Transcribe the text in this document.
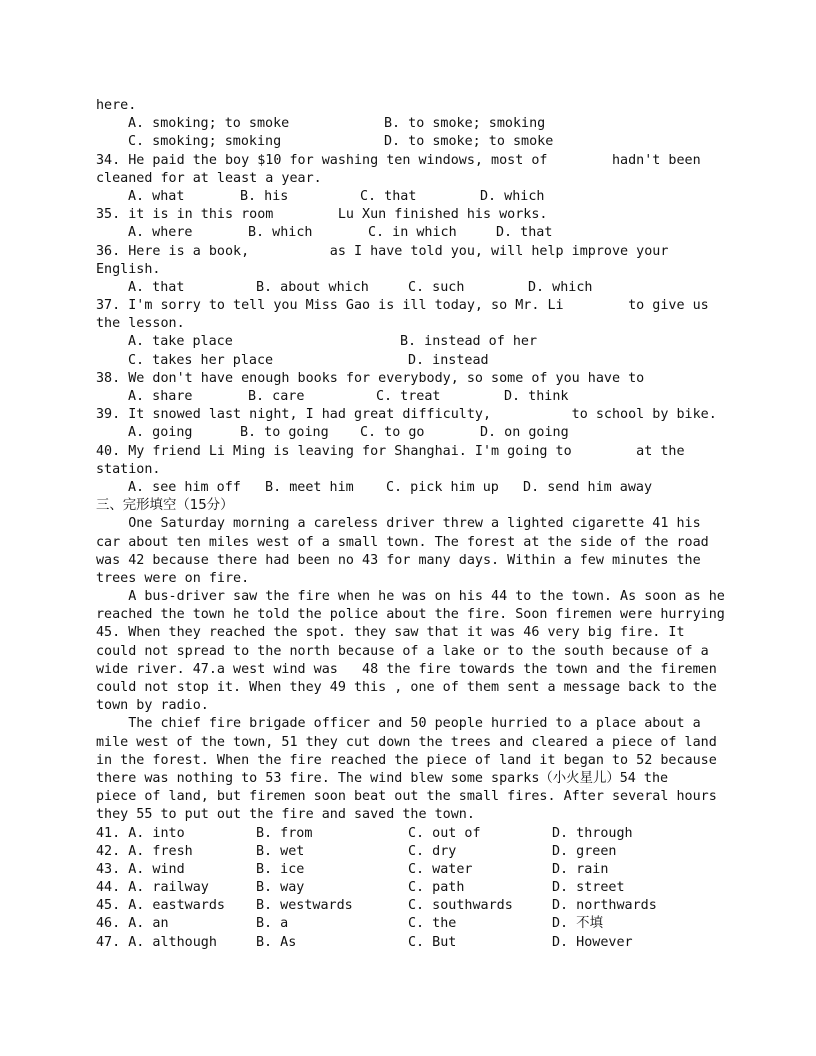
here.
A. smoking; to smoke	B. to smoke; smoking
C. smoking; smoking	D. to smoke; to smoke
34. He paid the boy $10 for washing ten windows, most of        hadn't been
cleaned for at least a year.
A. what	B. his	C. that	D. which
35. it is in this room        Lu Xun finished his works.
A. where	B. which	C. in which	D. that
36. Here is a book,          as I have told you, will help improve your
English.
A. that	B. about which	C. such	D. which
37. I'm sorry to tell you Miss Gao is ill today, so Mr. Li        to give us
the lesson.
A. take place	B. instead of her
C. takes her place	D. instead
38. We don't have enough books for everybody, so some of you have to
A. share	B. care	C. treat	D. think
39. It snowed last night, I had great difficulty,          to school by bike.
A. going	B. to going C. to go	D. on going
40. My friend Li Ming is leaving for Shanghai. I'm going to        at the
station.
A. see him off   B. meet him    C. pick him up   D. send him away
三、完形填空（15分）
One Saturday morning a careless driver threw a lighted cigarette 41 his
car about ten miles west of a small town. The forest at the side of the road
was 42 because there had been no 43 for many days. Within a few minutes the
trees were on fire.
A bus-driver saw the fire when he was on his 44 to the town. As soon as he
reached the town he told the police about the fire. Soon firemen were hurrying
45. When they reached the spot. they saw that it was 46 very big fire. It
could not spread to the north because of a lake or to the south because of a
wide river. 47.a west wind was   48 the fire towards the town and the firemen
could not stop it. When they 49 this , one of them sent a message back to the
town by radio.
The chief fire brigade officer and 50 people hurried to a place about a
mile west of the town, 51 they cut down the trees and cleared a piece of land
in the forest. When the fire reached the piece of land it began to 52 because
there was nothing to 53 fire. The wind blew some sparks（小火星儿）54 the
piece of land, but firemen soon beat out the small fires. After several hours
they 55 to put out the fire and saved the town.
41. A. into	B. from	C. out of	D. through
42. A. fresh	B. wet	C. dry	D. green
43. A. wind	B. ice	C. water	D. rain
44. A. railway	B. way	C. path	D. street
45. A. eastwards	B. westwards	C. southwards	D. northwards
46. A. an	B. a	C. the	D. 不填
47. A. although	B. As	C. But	D. However
